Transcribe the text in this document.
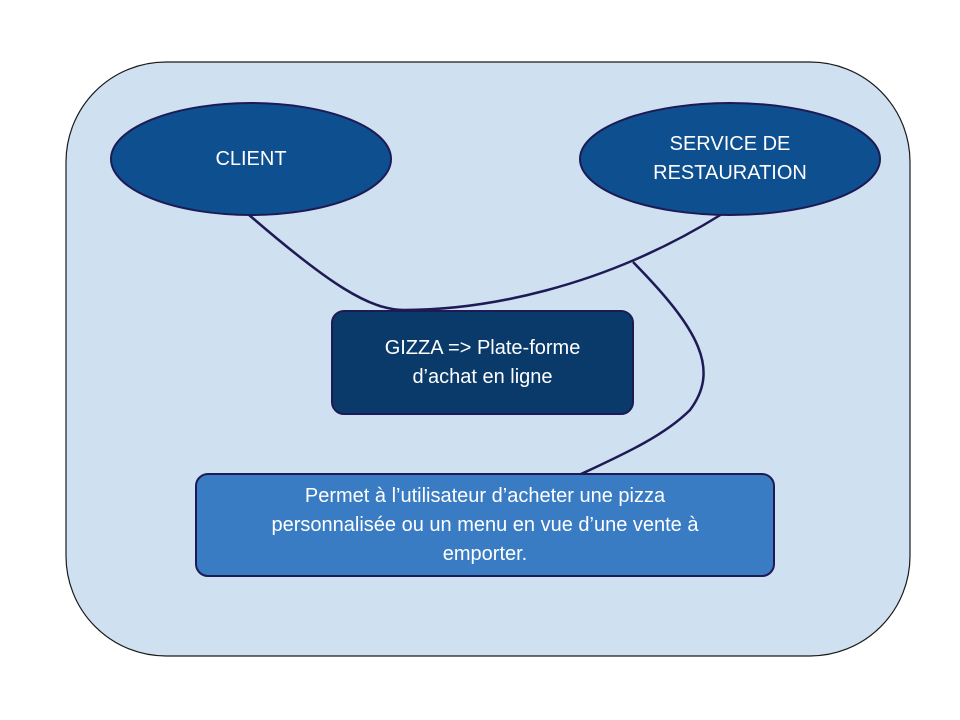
CLIENT
SERVICE DE
RESTAURATION
GIZZA => Plate-forme
d’achat en ligne
Permet à l’utilisateur d’acheter une pizza
personnalisée ou un menu en vue d’une vente à
emporter.
